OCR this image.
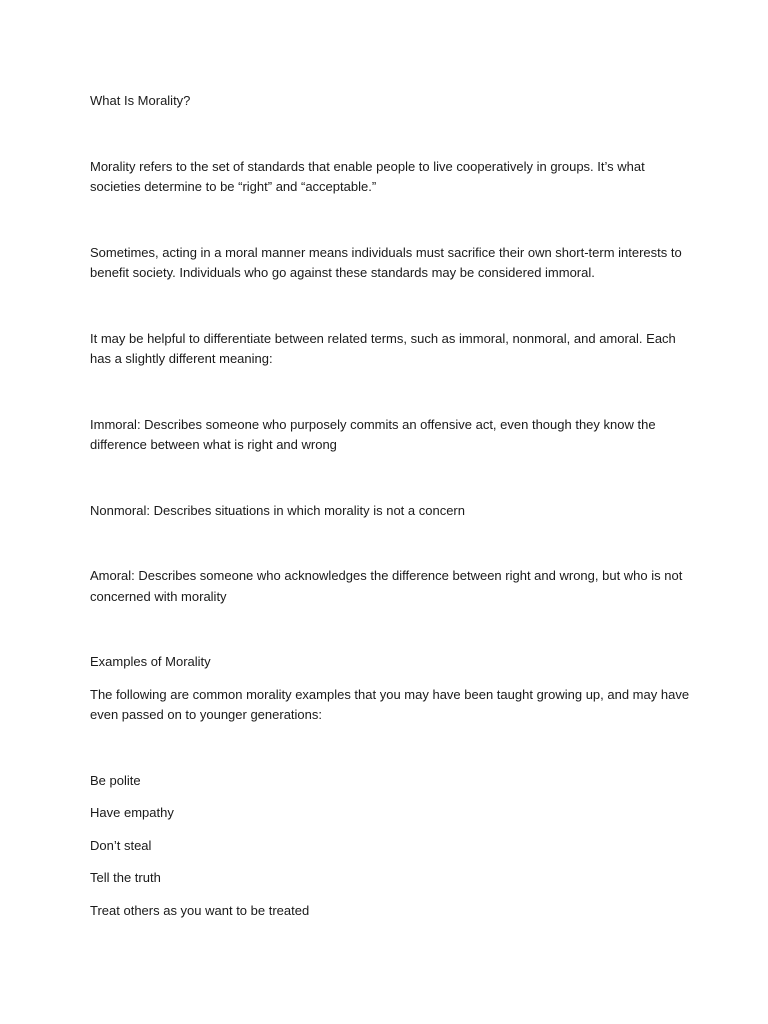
What Is Morality?

Morality refers to the set of standards that enable people to live cooperatively in groups. It’s what societies determine to be “right” and “acceptable.”

Sometimes, acting in a moral manner means individuals must sacrifice their own short-term interests to benefit society. Individuals who go against these standards may be considered immoral.

It may be helpful to differentiate between related terms, such as immoral, nonmoral, and amoral. Each has a slightly different meaning:

Immoral: Describes someone who purposely commits an offensive act, even though they know the difference between what is right and wrong

Nonmoral: Describes situations in which morality is not a concern

Amoral: Describes someone who acknowledges the difference between right and wrong, but who is not concerned with morality

Examples of Morality

The following are common morality examples that you may have been taught growing up, and may have even passed on to younger generations:

Be polite

Have empathy

Don’t steal

Tell the truth

Treat others as you want to be treated
